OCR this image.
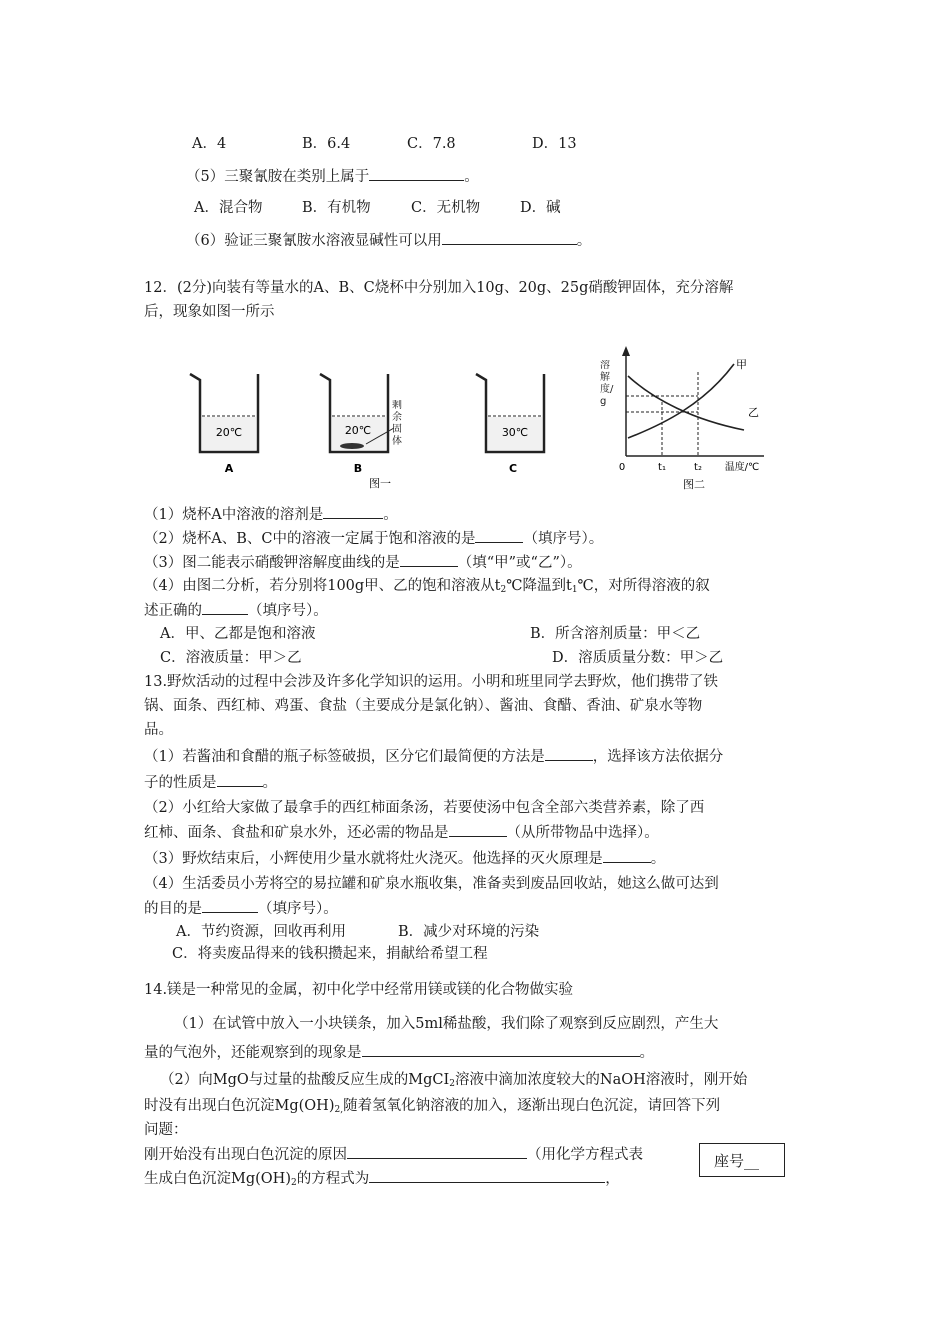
A．4	B．6.4	C．7.8	D．13
（5）三聚氰胺在类别上属于	。
A．混合物	B．有机物	C．无机物	D．碱
（6）验证三聚氰胺水溶液显碱性可以用	。
12．(2分)向装有等量水的A、B、C烧杯中分别加入10g、20g、25g硝酸钾固体，充分溶解
后，现象如图一所示
20℃
A
20℃
B
剩余固体
30℃
C
图一
溶解度/g
甲
乙
0	t₁	t₂ 温度/℃
图二
（1）烧杯A中溶液的溶剂是	。
（2）烧杯A、B、C中的溶液一定属于饱和溶液的是	（填序号）。
（3）图二能表示硝酸钾溶解度曲线的是	（填“甲”或“乙”）。
（4）由图二分析，若分别将100g甲、乙的饱和溶液从$t_2℃$降温到$t_1℃$，对所得溶液的叙
述正确的	（填序号）。
A．甲、乙都是饱和溶液	B．所含溶剂质量：甲＜乙
C．溶液质量：甲＞乙	D．溶质质量分数：甲＞乙
13.野炊活动的过程中会涉及许多化学知识的运用。小明和班里同学去野炊，他们携带了铁
锅、面条、西红柿、鸡蛋、食盐（主要成分是氯化钠）、酱油、食醋、香油、矿泉水等物
品。
（1）若酱油和食醋的瓶子标签破损，区分它们最简便的方法是	，选择该方法依据分
子的性质是	。
（2）小红给大家做了最拿手的西红柿面条汤，若要使汤中包含全部六类营养素，除了西
红柿、面条、食盐和矿泉水外，还必需的物品是	（从所带物品中选择）。
（3）野炊结束后，小辉使用少量水就将灶火浇灭。他选择的灭火原理是	。
（4）生活委员小芳将空的易拉罐和矿泉水瓶收集，准备卖到废品回收站，她这么做可达到
的目的是	（填序号）。
A．节约资源，回收再利用	B．减少对环境的污染
C．将卖废品得来的钱积攒起来，捐献给希望工程
14.镁是一种常见的金属，初中化学中经常用镁或镁的化合物做实验
（1）在试管中放入一小块镁条，加入5ml稀盐酸，我们除了观察到反应剧烈，产生大
量的气泡外，还能观察到的现象是	。
（2）向MgO与过量的盐酸反应生成的MgCI$_2$溶液中滴加浓度较大的NaOH溶液时，刚开始
时没有出现白色沉淀$Mg(OH)_{2,}$随着氢氧化钠溶液的加入，逐渐出现白色沉淀，请回答下列
问题：
刚开始没有出现白色沉淀的原因	（用化学方程式表
生成白色沉淀$Mg(OH)_2$的方程式为	，
座号__
